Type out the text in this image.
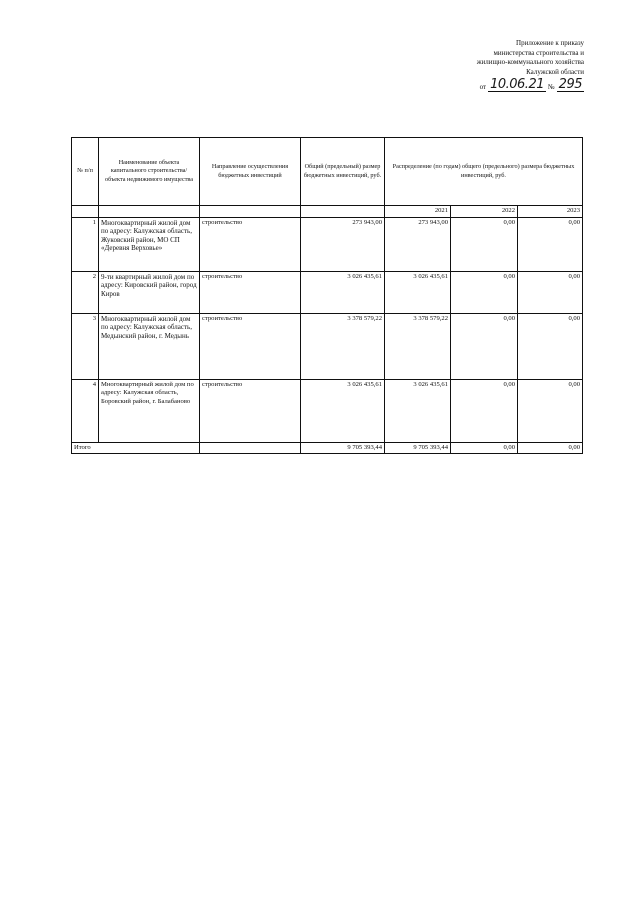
Приложение к приказу
министерства строительства и
жилищно-коммунального хозяйства
Калужской области
от 10.06.21 № 295
№ п/п	Наименование объекта капитального строительства/объекта недвижимого имущества	Направление осуществления бюджетных инвестиций	Общий (предельный) размер бюджетных инвестиций, руб.	Распределение (по годам) общего (предельного) размера бюджетных инвестиций, руб.		
				2021	2022	2023
1	Многоквартирный жилой дом по адресу: Калужская область, Жуковский район, МО СП «Деревня Верховье»	строительство	273 943,00	273 943,00	0,00	0,00
2	9-ти квартирный жилой дом по адресу: Кировский район, город Киров	строительство	3 026 435,61	3 026 435,61	0,00	0,00
3	Многоквартирный жилой дом по адресу: Калужская область, Медынский район, г. Медынь	строительство	3 378 579,22	3 378 579,22	0,00	0,00
4	Многоквартирный жилой дом по адресу: Калужская область, Боровский район, г. Балабаново	строительство	3 026 435,61	3 026 435,61	0,00	0,00
Итого			9 705 393,44	9 705 393,44	0,00	0,00
